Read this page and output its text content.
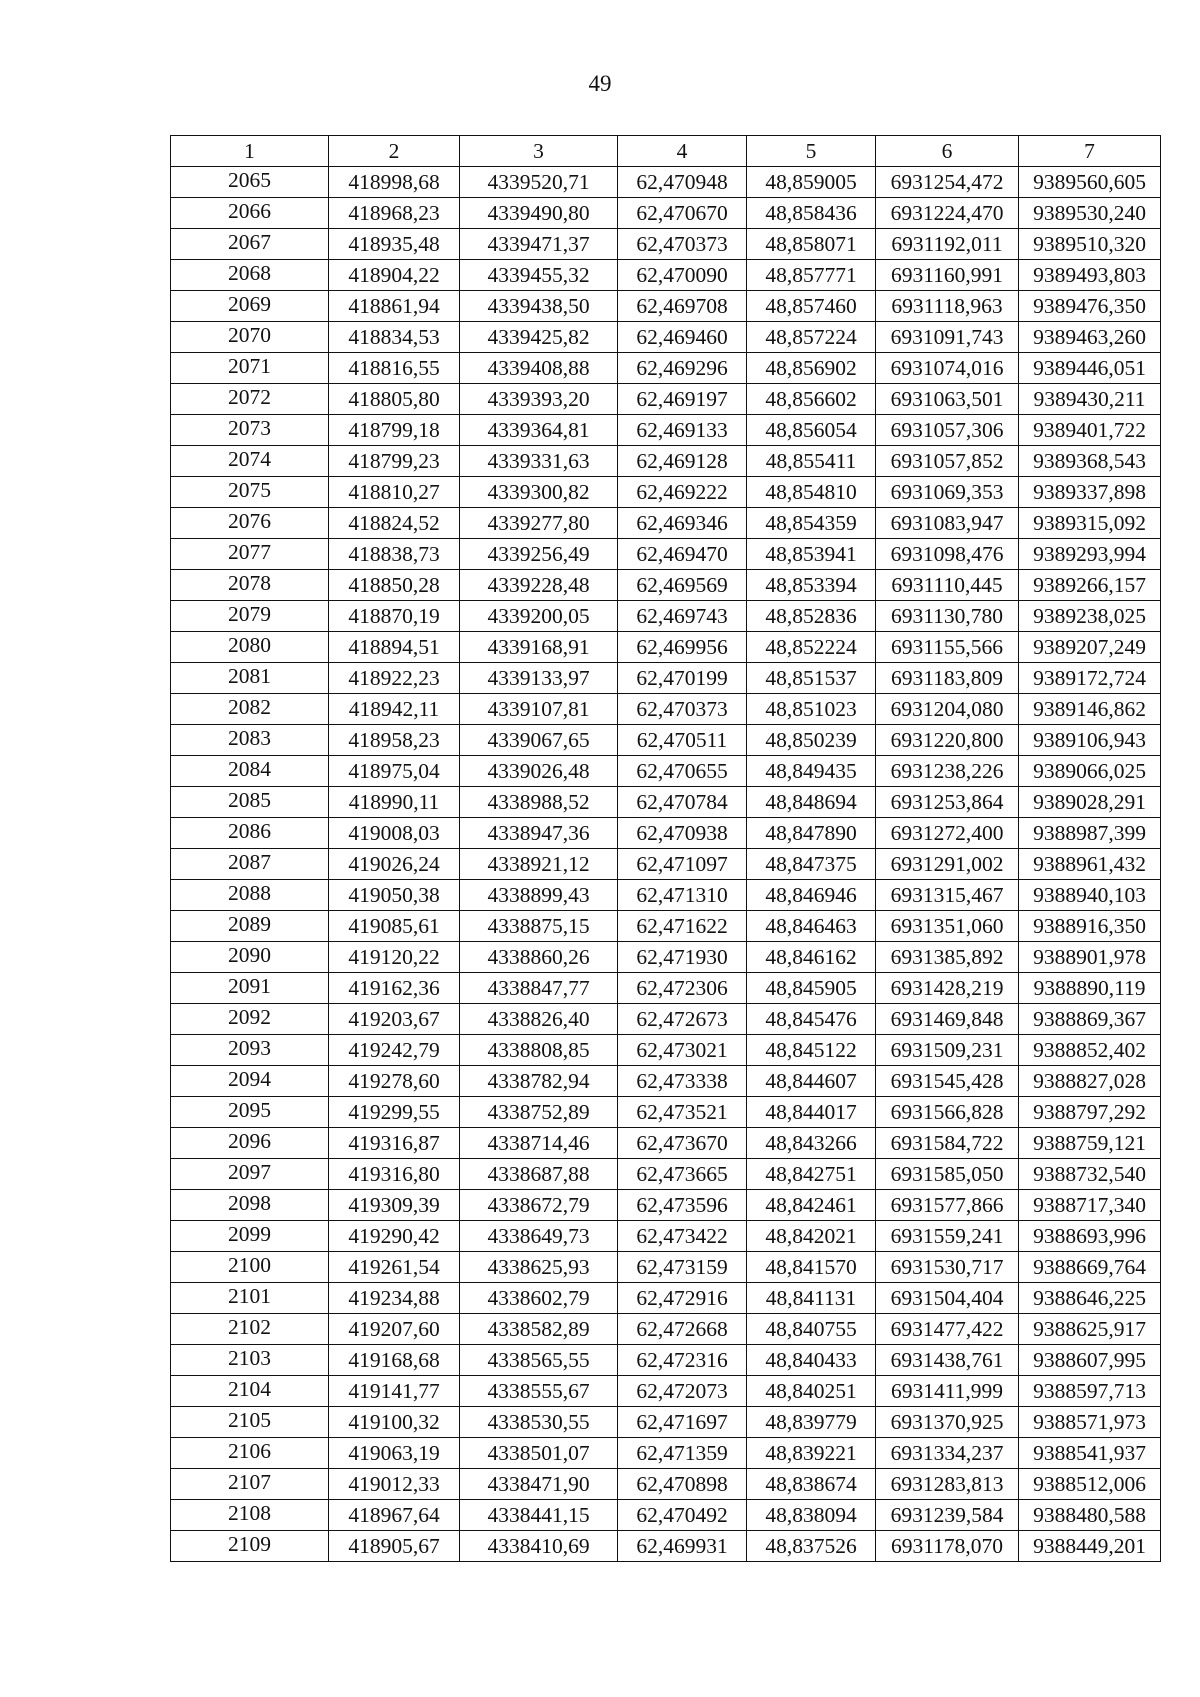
49
1	2	3	4	5	6	7
2065	418998,68	4339520,71	62,470948	48,859005	6931254,472	9389560,605
2066	418968,23	4339490,80	62,470670	48,858436	6931224,470	9389530,240
2067	418935,48	4339471,37	62,470373	48,858071	6931192,011	9389510,320
2068	418904,22	4339455,32	62,470090	48,857771	6931160,991	9389493,803
2069	418861,94	4339438,50	62,469708	48,857460	6931118,963	9389476,350
2070	418834,53	4339425,82	62,469460	48,857224	6931091,743	9389463,260
2071	418816,55	4339408,88	62,469296	48,856902	6931074,016	9389446,051
2072	418805,80	4339393,20	62,469197	48,856602	6931063,501	9389430,211
2073	418799,18	4339364,81	62,469133	48,856054	6931057,306	9389401,722
2074	418799,23	4339331,63	62,469128	48,855411	6931057,852	9389368,543
2075	418810,27	4339300,82	62,469222	48,854810	6931069,353	9389337,898
2076	418824,52	4339277,80	62,469346	48,854359	6931083,947	9389315,092
2077	418838,73	4339256,49	62,469470	48,853941	6931098,476	9389293,994
2078	418850,28	4339228,48	62,469569	48,853394	6931110,445	9389266,157
2079	418870,19	4339200,05	62,469743	48,852836	6931130,780	9389238,025
2080	418894,51	4339168,91	62,469956	48,852224	6931155,566	9389207,249
2081	418922,23	4339133,97	62,470199	48,851537	6931183,809	9389172,724
2082	418942,11	4339107,81	62,470373	48,851023	6931204,080	9389146,862
2083	418958,23	4339067,65	62,470511	48,850239	6931220,800	9389106,943
2084	418975,04	4339026,48	62,470655	48,849435	6931238,226	9389066,025
2085	418990,11	4338988,52	62,470784	48,848694	6931253,864	9389028,291
2086	419008,03	4338947,36	62,470938	48,847890	6931272,400	9388987,399
2087	419026,24	4338921,12	62,471097	48,847375	6931291,002	9388961,432
2088	419050,38	4338899,43	62,471310	48,846946	6931315,467	9388940,103
2089	419085,61	4338875,15	62,471622	48,846463	6931351,060	9388916,350
2090	419120,22	4338860,26	62,471930	48,846162	6931385,892	9388901,978
2091	419162,36	4338847,77	62,472306	48,845905	6931428,219	9388890,119
2092	419203,67	4338826,40	62,472673	48,845476	6931469,848	9388869,367
2093	419242,79	4338808,85	62,473021	48,845122	6931509,231	9388852,402
2094	419278,60	4338782,94	62,473338	48,844607	6931545,428	9388827,028
2095	419299,55	4338752,89	62,473521	48,844017	6931566,828	9388797,292
2096	419316,87	4338714,46	62,473670	48,843266	6931584,722	9388759,121
2097	419316,80	4338687,88	62,473665	48,842751	6931585,050	9388732,540
2098	419309,39	4338672,79	62,473596	48,842461	6931577,866	9388717,340
2099	419290,42	4338649,73	62,473422	48,842021	6931559,241	9388693,996
2100	419261,54	4338625,93	62,473159	48,841570	6931530,717	9388669,764
2101	419234,88	4338602,79	62,472916	48,841131	6931504,404	9388646,225
2102	419207,60	4338582,89	62,472668	48,840755	6931477,422	9388625,917
2103	419168,68	4338565,55	62,472316	48,840433	6931438,761	9388607,995
2104	419141,77	4338555,67	62,472073	48,840251	6931411,999	9388597,713
2105	419100,32	4338530,55	62,471697	48,839779	6931370,925	9388571,973
2106	419063,19	4338501,07	62,471359	48,839221	6931334,237	9388541,937
2107	419012,33	4338471,90	62,470898	48,838674	6931283,813	9388512,006
2108	418967,64	4338441,15	62,470492	48,838094	6931239,584	9388480,588
2109	418905,67	4338410,69	62,469931	48,837526	6931178,070	9388449,201
